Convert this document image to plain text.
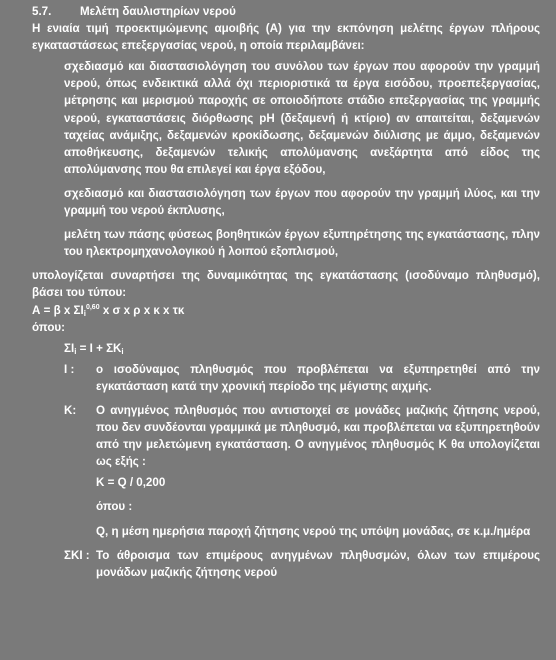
5.7.	Μελέτη δαυλιστηρίων νερού

Η ενιαία τιμή προεκτιμώμενης αμοιβής (Α) για την εκπόνηση μελέτης έργων πλήρους εγκαταστάσεως επεξεργασίας νερού, η οποία περιλαμβάνει:

σχεδιασμό και διαστασιολόγηση του συνόλου των έργων που αφορούν την γραμμή νερού, όπως ενδεικτικά αλλά όχι περιοριστικά τα έργα εισόδου, προεπεξεργασίας, μέτρησης και μερισμού παροχής σε οποιοδήποτε στάδιο επεξεργασίας της γραμμής νερού, εγκαταστάσεις διόρθωσης pH (δεξαμενή ή κτίριο) αν απαιτείται, δεξαμενών ταχείας ανάμιξης, δεξαμενών κροκίδωσης, δεξαμενών διύλισης με άμμο, δεξαμενών αποθήκευσης, δεξαμενών τελικής απολύμανσης ανεξάρτητα από είδος της απολύμανσης που θα επιλεγεί και έργα εξόδου,

σχεδιασμό και διαστασιολόγηση των έργων που αφορούν την γραμμή ιλύος, και την γραμμή του νερού έκπλυσης,

μελέτη των πάσης φύσεως βοηθητικών έργων εξυπηρέτησης της εγκατάστασης, πλην του ηλεκτρομηχανολογικού ή λοιπού εξοπλισμού,

υπολογίζεται συναρτήσει της δυναμικότητας της εγκατάστασης (ισοδύναμο πληθυσμό), βάσει του τύπου:

Α = β x $\Sigma I_i^{0,60}$ x σ x ρ x κ x τκ

όπου:

$\Sigma I_i = I + \Sigma K_i$

Ι :	ο ισοδύναμος πληθυσμός που προβλέπεται να εξυπηρετηθεί από την εγκατάσταση κατά την χρονική περίοδο της μέγιστης αιχμής.
Κ:	Ο ανηγμένος πληθυσμός που αντιστοιχεί σε μονάδες μαζικής ζήτησης νερού, που δεν συνδέονται γραμμικά με πληθυσμό, και προβλέπεται να εξυπηρετηθούν από την μελετώμενη εγκατάσταση. Ο ανηγμένος πληθυσμός Κ θα υπολογίζεται ως εξής :

Κ = Q / 0,200

όπου :

Q, η μέση ημερήσια παροχή ζήτησης νερού της υπόψη μονάδας, σε κ.μ./ημέρα

ΣΚΙ : Το άθροισμα των επιμέρους ανηγμένων πληθυσμών, όλων των επιμέρους μονάδων μαζικής ζήτησης νερού
